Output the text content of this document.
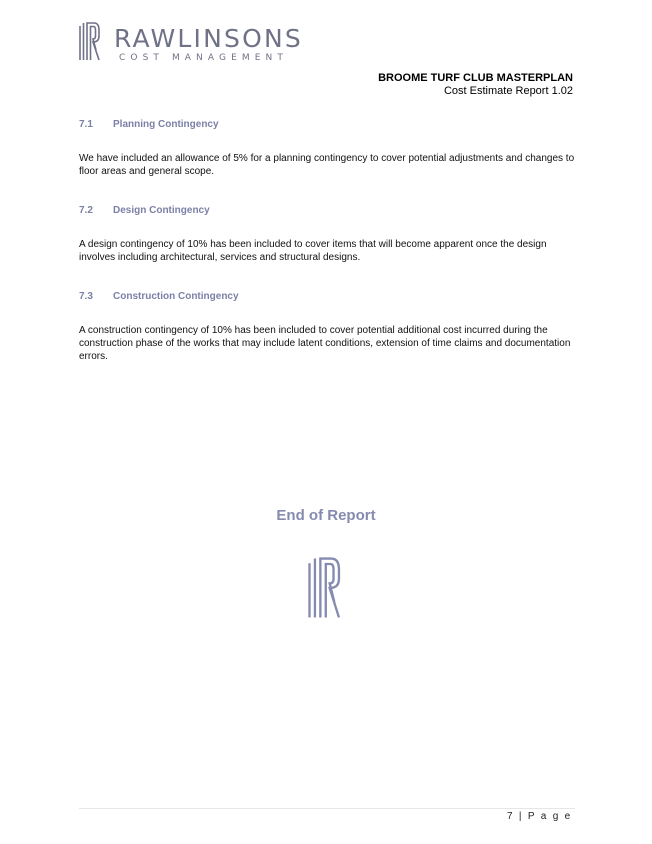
RAWLINSONS
COST MANAGEMENT
BROOME TURF CLUB MASTERPLAN
Cost Estimate Report 1.02
7.1 Planning Contingency
We have included an allowance of 5% for a planning contingency to cover potential adjustments and changes to floor areas and general scope.
7.2 Design Contingency
A design contingency of 10% has been included to cover items that will become apparent once the design involves including architectural, services and structural designs.
7.3 Construction Contingency
A construction contingency of 10% has been included to cover potential additional cost incurred during the construction phase of the works that may include latent conditions, extension of time claims and documentation errors.
End of Report
7 | P a g e
